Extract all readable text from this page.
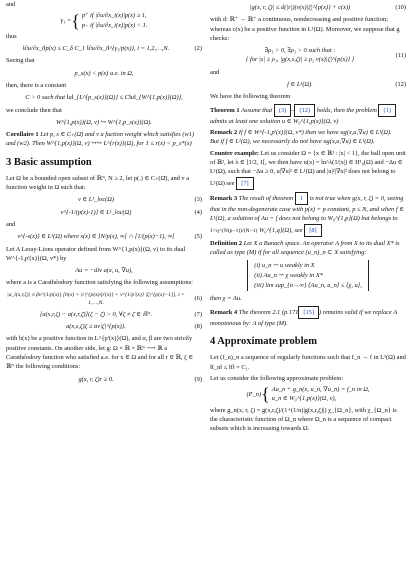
and

γ₁ = { p⁺ if |∂u/∂x_i(x)|p(x) ≥ 1,
p₋ if |∂u/∂x_i(x)|p(x) < 1.

thus

‖∂u/∂x_i‖p(x) ≤ C_δ C_1 ‖∂u/∂x_i‖^{γ₁/p(x)}, i = 1,2,…,N.	(2)

Seeing that

p_s(x) < p(x) a.e. in Ω,

then, there is a constant

C > 0 such that ‖u‖_{L^{p_s(x)}(Ω)} ≤ C‖u‖_{W^{1,p(x)}(Ω)},

we conclude then that

W^{1,p(x)}(Ω, v) ↪ W^{1,p_s(x)}(Ω).

Corollaire 1 Let p, s ∈ C₊(Ω̄) and v a fuction weight which satisfies (w1) and (w2). Then W^{1,p(x)}(Ω, v) ↪↪ L^{r(x)}(Ω), for 1 ≤ r(x) < p_s*(x)

3 Basic assumption

Let Ω be a bounded open subset of ℝᴺ, N ≥ 2, let p(.) ∈ C₊(Ω̄), and v a function weight in Ω such that:

v ∈ L¹_loc(Ω)	(3)
v^{-1/(p(x)-1)} ∈ L¹_loc(Ω)	(4)

and

v^{-s(x)} ∈ L¹(Ω) where s(x) ∈ ]N/p(x), ∞[ ∩ [1/(p(x)−1), ∞[	(5)

Let A Leray-Lions operator defined from W^{1,p(x)}(Ω, v) to its dual W^{-1,p'(x)}(Ω, v*) by

Au = −div a(x, u, ∇u),

where a is a Carathéodory function satisfying the following assumptions:

|a_i(x,r,ζ)| ≤ βv^{1/p(x)} [b(x) + |r|^{p(x)/p'(x)} + v^{1/p'(x)} |ζ|^{p(x)−1}], i = 1,…,N.
(6)
[a(x,r,ζ) − a(x,r,ζ̄)](ζ − ζ̄) > 0, ∀ζ ≠ ζ̄ ∈ ℝᴺ.	(7)
a(x,s,ζ)ζ ≥ αv|ζ|^{p(x)}.	(8)

with b(x) be a positive function in L^{p'(x)}(Ω), and α, β are two strictly positive constants. On another side, let g: Ω × ℝ × ℝᴺ ⟶ ℝ a Carathéodory function who satisfied a.e. for x ∈ Ω and for all r ∈ ℝ, ζ ∈ ℝᴺ the following conditions:

g(x, r, ζ)r ≥ 0.	(9)
|g(x, r, ζ)| ≤ d(|r|)(v(x)|ζ|^{p(x)} + c(x))	(10)

with d: ℝ⁺ → ℝ⁺ a continuous, nondecreasing and positive function; whereas c(x) be a positive function in L¹(Ω). Moreover, we suppose that g checks:

∃ρ₁ > 0, ∃ρ₂ > 0 such that :
{ for |s| ≥ ρ₁, |g(x,s,ζ)| ≥ ρ₂ v(x)|ζ|^{p(x)} }
(11)

and

f ∈ L¹(Ω).	(12)

We have the following theorem

Theorem 1 Assume that (3) – (12) holds, then the problem (1) admits at least one solution u ∈ W₀^{1,p(x)}(Ω, v)

Remark 2 If f ∈ W^{-1,p'(x)}(Ω, v*) then we have ug(x,u,∇u) ∈ L¹(Ω).
But if f ∈ L¹(Ω), we necessarily do not have ug(x,u,∇u) ∈ L¹(Ω).

Counter example: Let us consider Ω = {x ∈ ℝ² : |x| < 1}, the ball open unit of ℝ², let λ ∈ ]1/2, 1[, we then have u(x) = ln^λ(1/|x|) ∈ H¹₀(Ω) and −Δu ∈ L¹(Ω), such that −Δu ≥ 0, u|∇u|² ∈ L¹(Ω) and |u|²|∇u|² does not belong to L¹(Ω) see [7]

Remark 3 The result of theorem 1 is not true when g(x, r, ζ) = 0, seeing that in the non-degenerate case with p(x) = p constant, p ≤ N, and when f ∈ L¹(Ω), a solution of Au = f does not belong to W₀^{1,p}(Ω) but belongs to 1<q<(N(p−1))/(N−1) W₀^{1,q}(Ω), see [8]

Definition 2 Let X a Banach space. An operator A from X to its dual X* is called as type (M) if for all sequence (u_n)_n ⊂ X satisfying:

(i) u_n ⇀ u weakly in X
(ii) Au_n ⇀ χ weakly in X*
(iii) lim sup_{n→∞} ⟨Au_n, u_n⟩ ≤ ⟨χ, u⟩,

then χ = Au.

Remark 4 The theorem 2.1 (p.171 [15] ) remains valid if we replace A monotonous by: A of type (M).

4 Approximate problem

Let (f_n)_n a sequence of regularly functions such that f_n → f in L¹(Ω) and ‖f_n‖ ≤ ‖f‖ = C₁.

Let us consider the following approximate problem:

(P_n) { Au_n + g_n(x, u_n, ∇u_n) = f_n in Ω,
u_n ∈ W₀^{1,p(x)}(Ω, v),

where g_n(x, r, ζ) = g(x,r,ζ)/(1+(1/n)|g(x,r,ζ)|) χ_{Ω_n}, with χ_{Ω_n} is the characteristic function of Ω_n where Ω_n is a sequence of compact subsets which is increasing towards Ω.
